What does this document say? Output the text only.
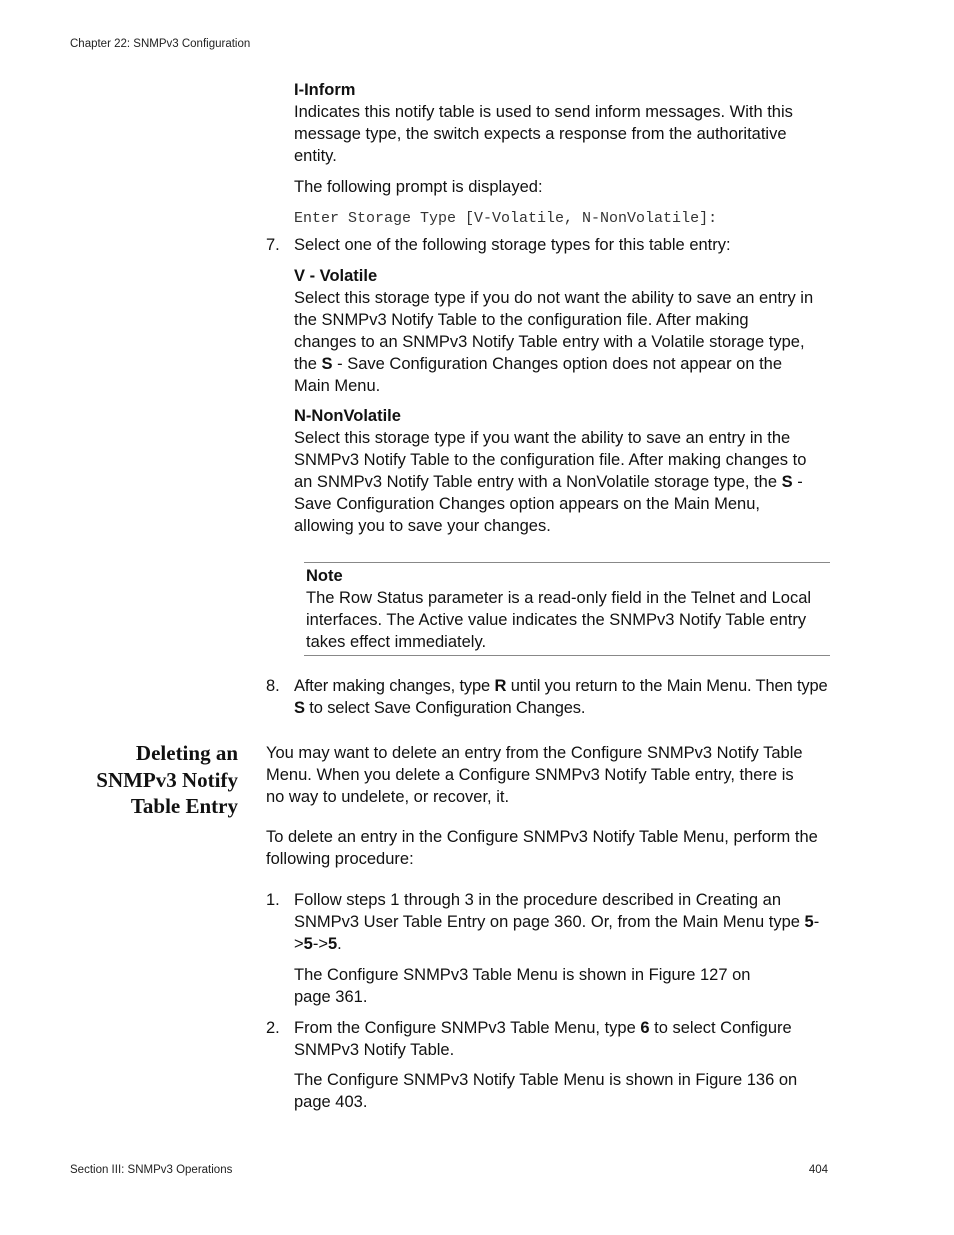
Chapter 22: SNMPv3 Configuration

I-Inform

Indicates this notify table is used to send inform messages. With this message type, the switch expects a response from the authoritative entity.

The following prompt is displayed:
Enter Storage Type [V-Volatile, N-NonVolatile]:
7. Select one of the following storage types for this table entry:

V - Volatile

Select this storage type if you do not want the ability to save an entry in the SNMPv3 Notify Table to the configuration file. After making changes to an SNMPv3 Notify Table entry with a Volatile storage type, the S - Save Configuration Changes option does not appear on the Main Menu.

N-NonVolatile

Select this storage type if you want the ability to save an entry in the SNMPv3 Notify Table to the configuration file. After making changes to an SNMPv3 Notify Table entry with a NonVolatile storage type, the S - Save Configuration Changes option appears on the Main Menu, allowing you to save your changes.

Note

The Row Status parameter is a read-only field in the Telnet and Local interfaces. The Active value indicates the SNMPv3 Notify Table entry takes effect immediately.

8. After making changes, type R until you return to the Main Menu. Then type S to select Save Configuration Changes.
Deleting an
SNMPv3 Notify
Table Entry
You may want to delete an entry from the Configure SNMPv3 Notify Table Menu. When you delete a Configure SNMPv3 Notify Table entry, there is no way to undelete, or recover, it.
To delete an entry in the Configure SNMPv3 Notify Table Menu, perform the following procedure:
1. Follow steps 1 through 3 in the procedure described in Creating an SNMPv3 User Table Entry on page 360. Or, from the Main Menu type 5->5->5.
The Configure SNMPv3 Table Menu is shown in Figure 127 on page 361.
2. From the Configure SNMPv3 Table Menu, type 6 to select Configure SNMPv3 Notify Table.
The Configure SNMPv3 Notify Table Menu is shown in Figure 136 on page 403.
Section III: SNMPv3 Operations	404
